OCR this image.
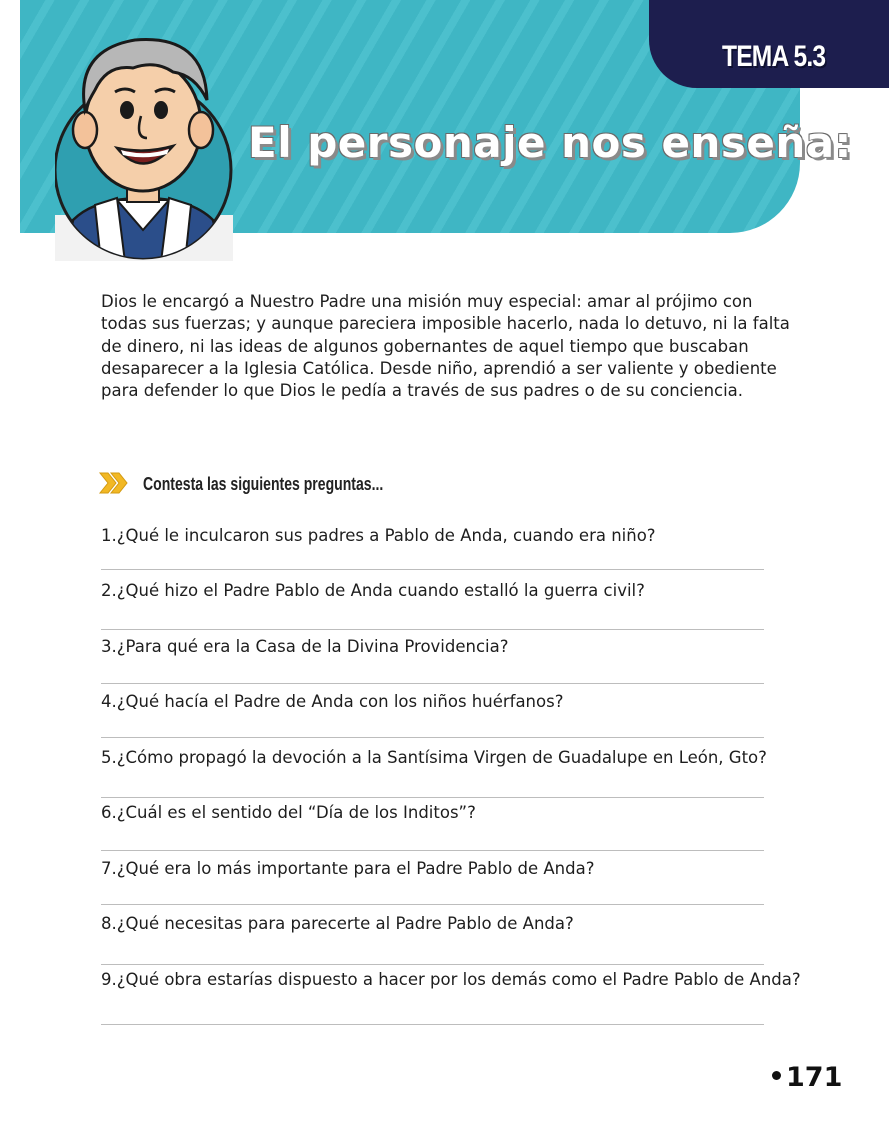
TEMA 5.3
El personaje nos enseña:

Dios le encargó a Nuestro Padre una misión muy especial: amar al prójimo con todas sus fuerzas; y aunque pareciera imposible hacerlo, nada lo detuvo, ni la falta de dinero, ni las ideas de algunos gobernantes de aquel tiempo que buscaban desaparecer a la Iglesia Católica. Desde niño, aprendió a ser valiente y obediente para defender lo que Dios le pedía a través de sus padres o de su conciencia.

Contesta las siguientes preguntas...

1.¿Qué le inculcaron sus padres a Pablo de Anda, cuando era niño?

2.¿Qué hizo el Padre Pablo de Anda cuando estalló la guerra civil?

3.¿Para qué era la Casa de la Divina Providencia?

4.¿Qué hacía el Padre de Anda con los niños huérfanos?

5.¿Cómo propagó la devoción a la Santísima Virgen de Guadalupe en León, Gto?

6.¿Cuál es el sentido del “Día de los Inditos”?

7.¿Qué era lo más importante para el Padre Pablo de Anda?

8.¿Qué necesitas para parecerte al Padre Pablo de Anda?

9.¿Qué obra estarías dispuesto a hacer por los demás como el Padre Pablo de Anda?

171
